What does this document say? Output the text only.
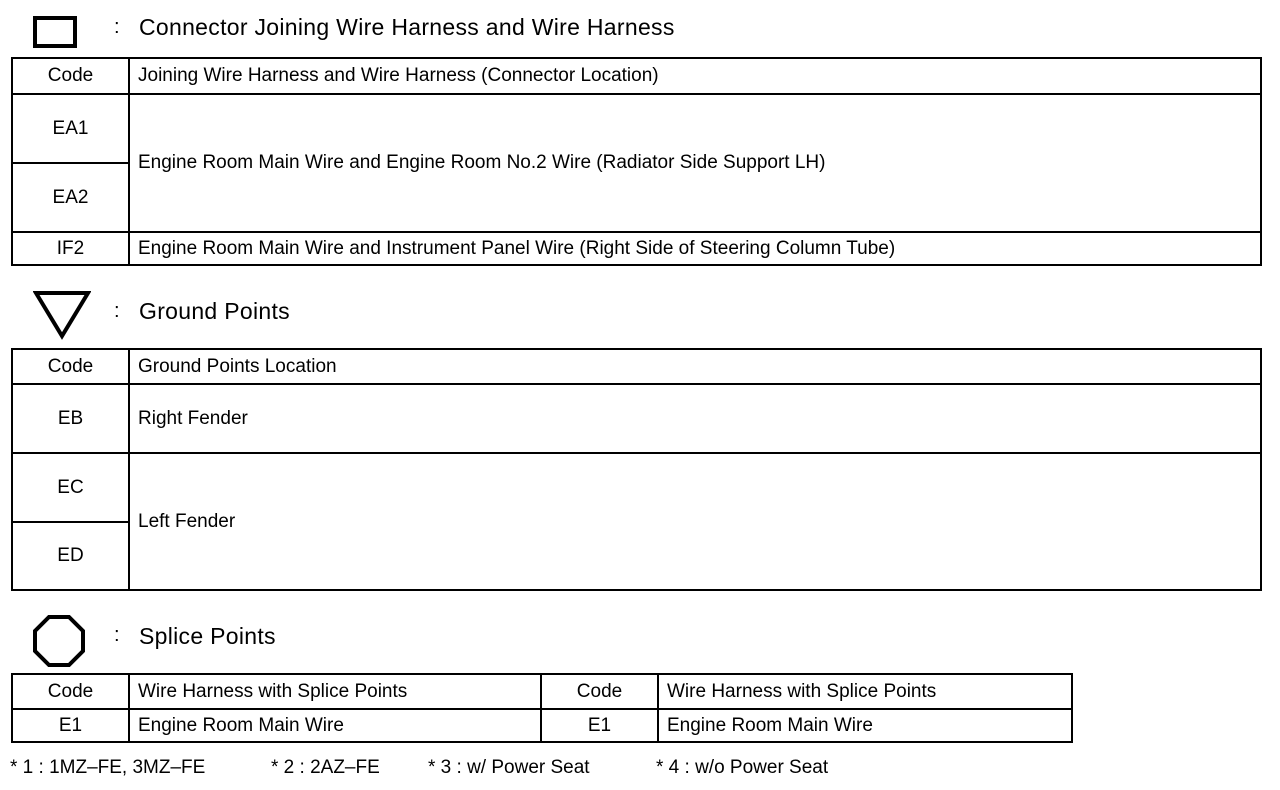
: Connector Joining Wire Harness and Wire Harness
Code	Joining Wire Harness and Wire Harness (Connector Location)
EA1	Engine Room Main Wire and Engine Room No.2 Wire (Radiator Side Support LH)
EA2	
IF2	Engine Room Main Wire and Instrument Panel Wire (Right Side of Steering Column Tube)
: Ground Points
Code	Ground Points Location
EB	Right Fender
EC	Left Fender
ED	
: Splice Points
Code	Wire Harness with Splice Points	Code	Wire Harness with Splice Points
E1	Engine Room Main Wire	E1	Engine Room Main Wire
* 1 : 1MZ–FE, 3MZ–FE	* 2 : 2AZ–FE	* 3 : w/ Power Seat	* 4 : w/o Power Seat
